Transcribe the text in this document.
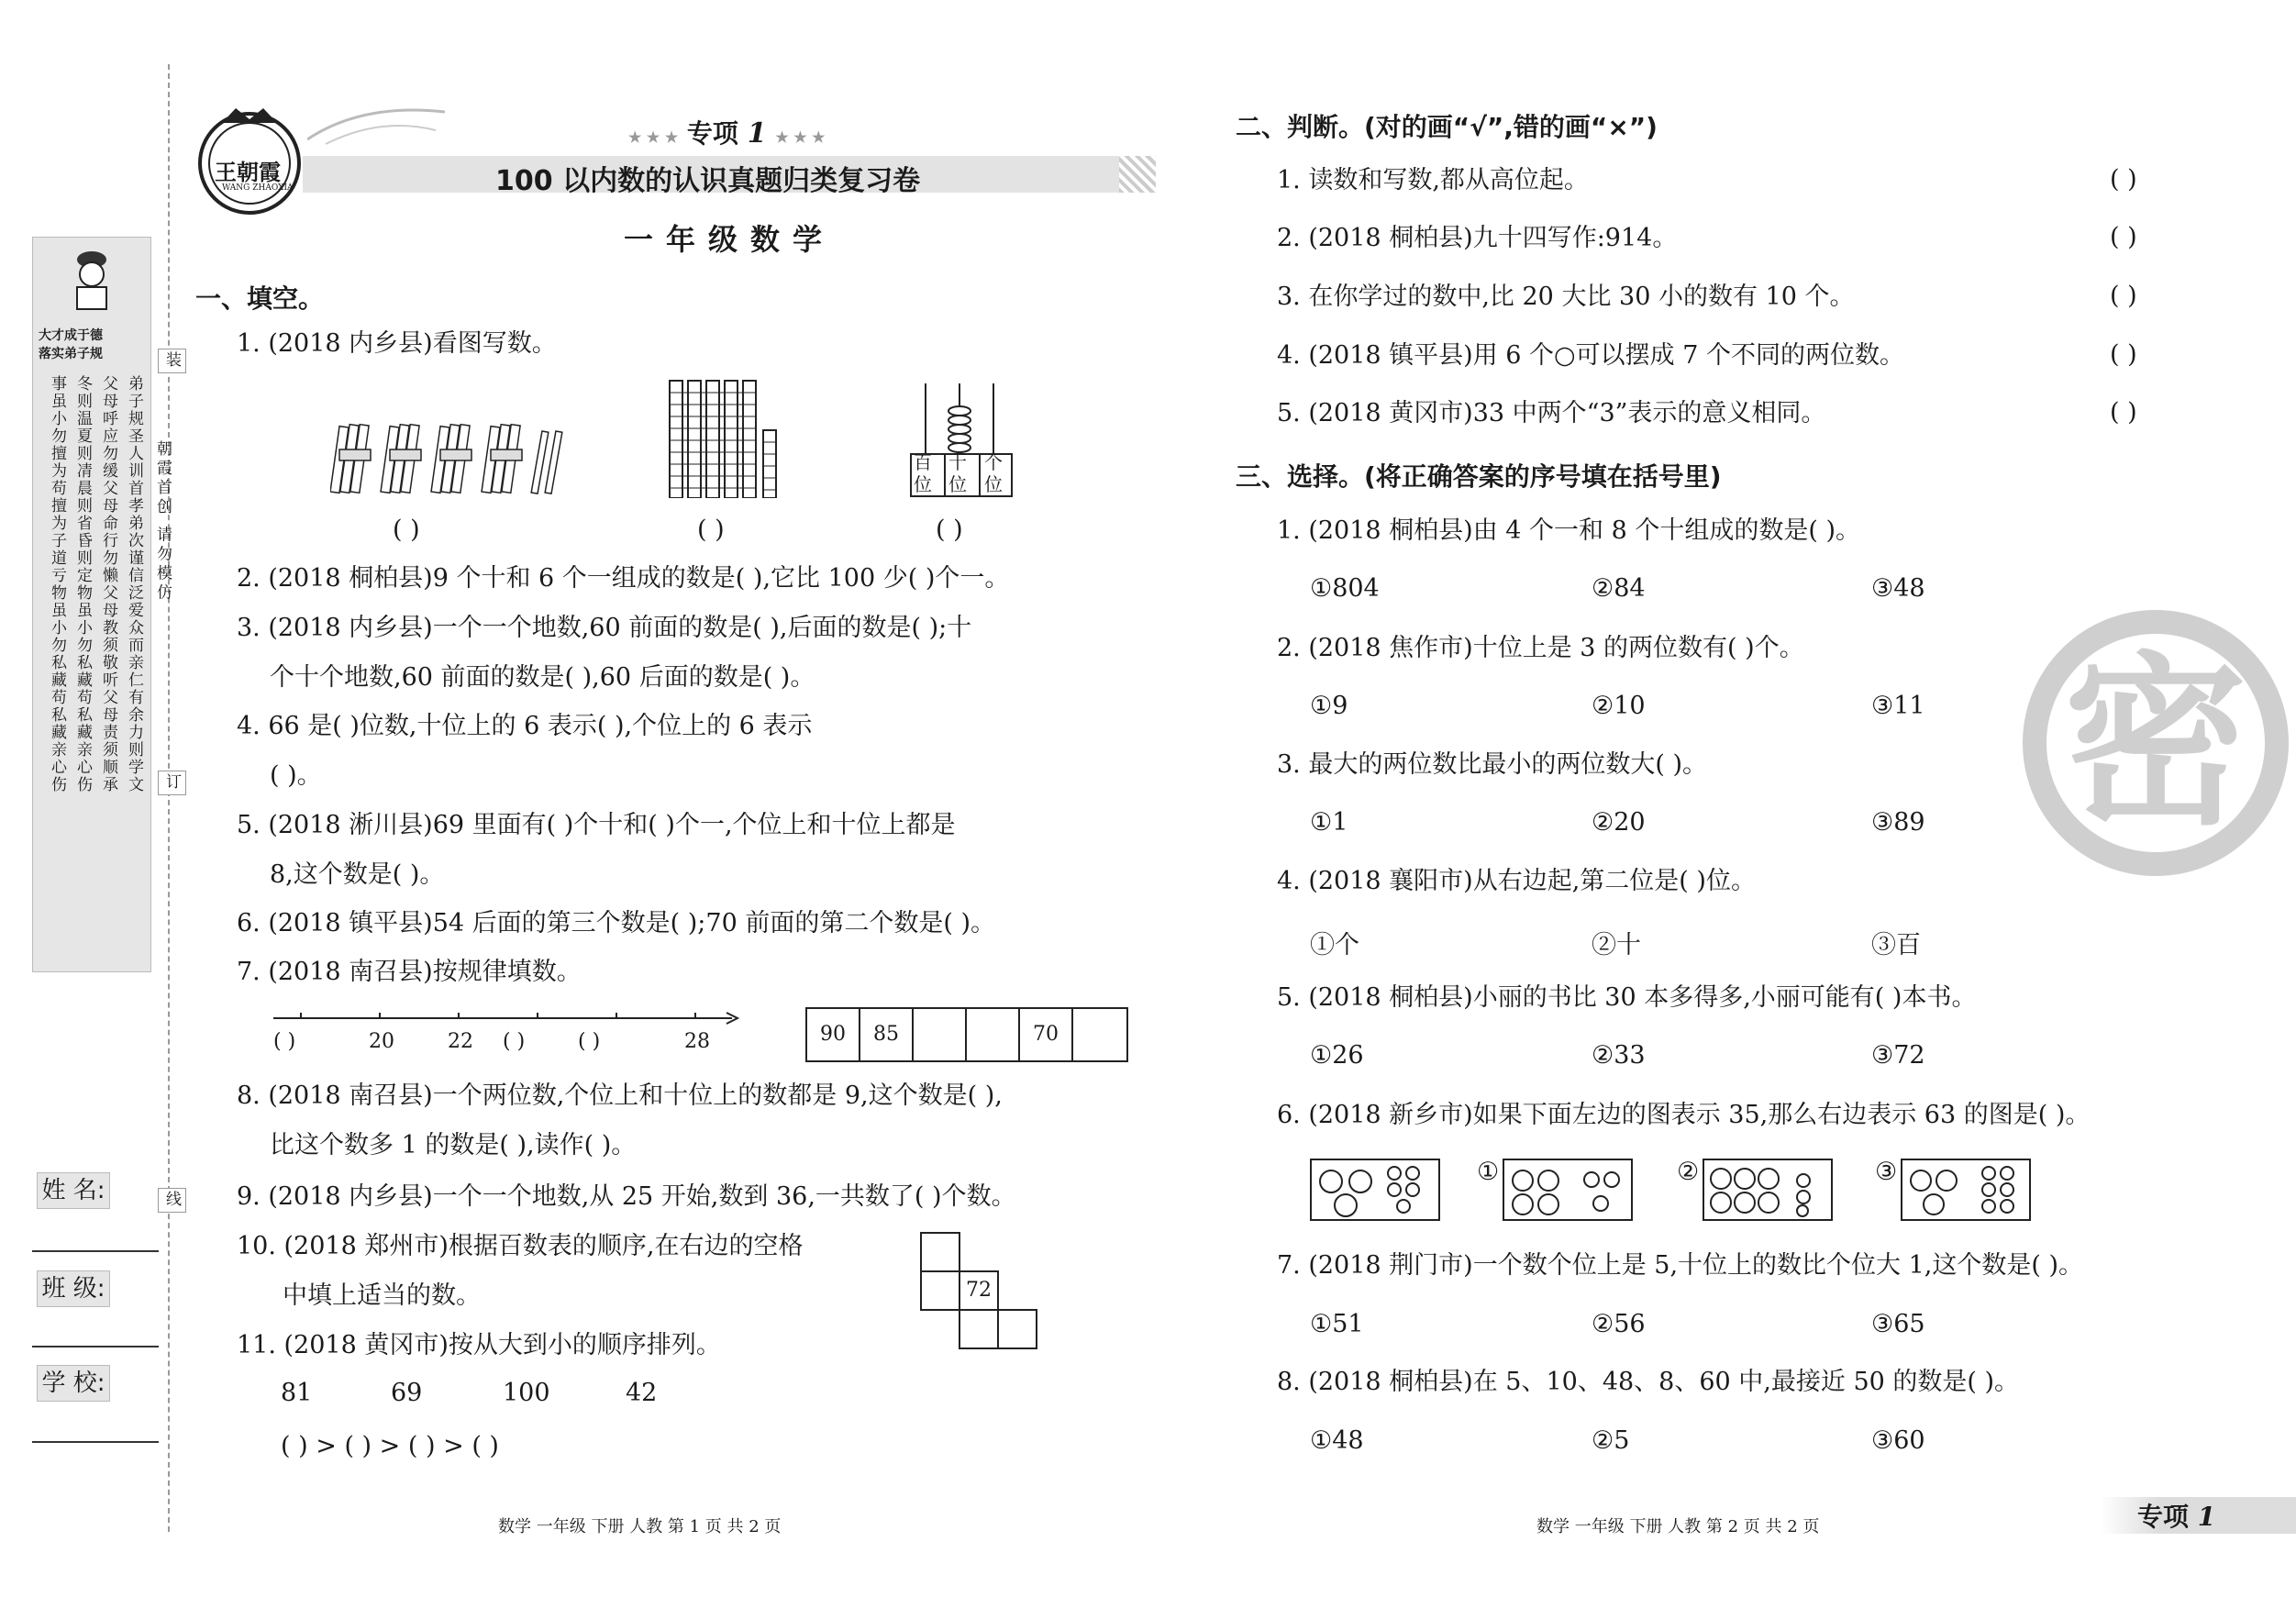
大才成于德
落实弟子规
弟子规圣人训首孝弟次谨信泛爱众而亲仁有余力则学文
父母呼应勿缓父母命行勿懒父母教须敬听父母责须顺承
冬则温夏则凊晨则省昏则定物虽小勿私藏苟私藏亲心伤
事虽小勿擅为苟擅为子道亏物虽小勿私藏苟私藏亲心伤
装
朝霞首创 请勿模仿
订
线
姓 名:
班 级:
学 校:
王朝霞
WANG ZHAOXIA
★ ★ ★ 专项 1 ★ ★ ★
100 以内数的认识真题归类复习卷
一年级数学
一、填空。
1. (2018 内乡县)看图写数。
( )	( )
百位
十位
个位
( )
2. (2018 桐柏县)9 个十和 6 个一组成的数是( ),它比 100 少( )个一。
3. (2018 内乡县)一个一个地数,60 前面的数是( ),后面的数是( );十
个十个地数,60 前面的数是( ),60 后面的数是( )。
4. 66 是( )位数,十位上的 6 表示( ),个位上的 6 表示
( )。
5. (2018 淅川县)69 里面有( )个十和( )个一,个位上和十位上都是
8,这个数是( )。
6. (2018 镇平县)54 后面的第三个数是( );70 前面的第二个数是( )。
7. (2018 南召县)按规律填数。
( )	20	22 ( )	( )	28	90	85	70
8. (2018 南召县)一个两位数,个位上和十位上的数都是 9,这个数是( ),
比这个数多 1 的数是( ),读作( )。
9. (2018 内乡县)一个一个地数,从 25 开始,数到 36,一共数了( )个数。
10. (2018 郑州市)根据百数表的顺序,在右边的空格
中填上适当的数。	72
11. (2018 黄冈市)按从大到小的顺序排列。
81	69	100	42
( ) > ( ) > ( ) > ( )
数学 一年级 下册 人教 第 1 页 共 2 页
二、判断。(对的画“√”,错的画“×”)
1. 读数和写数,都从高位起。	( )
2. (2018 桐柏县)九十四写作:914。	( )
3. 在你学过的数中,比 20 大比 30 小的数有 10 个。	( )
4. (2018 镇平县)用 6 个○可以摆成 7 个不同的两位数。	( )
5. (2018 黄冈市)33 中两个“3”表示的意义相同。	( )
三、选择。(将正确答案的序号填在括号里)
密
1. (2018 桐柏县)由 4 个一和 8 个十组成的数是( )。
①804	②84	③48
2. (2018 焦作市)十位上是 3 的两位数有( )个。
①9	②10	③11
3. 最大的两位数比最小的两位数大( )。
①1	②20	③89
4. (2018 襄阳市)从右边起,第二位是( )位。
①个	②十	③百
5. (2018 桐柏县)小丽的书比 30 本多得多,小丽可能有( )本书。
①26	②33	③72
6. (2018 新乡市)如果下面左边的图表示 35,那么右边表示 63 的图是( )。
①	②	③
7. (2018 荆门市)一个数个位上是 5,十位上的数比个位大 1,这个数是( )。
①51	②56	③65
8. (2018 桐柏县)在 5、10、48、8、60 中,最接近 50 的数是( )。
①48	②5	③60
数学 一年级 下册 人教 第 2 页 共 2 页	专项 1
